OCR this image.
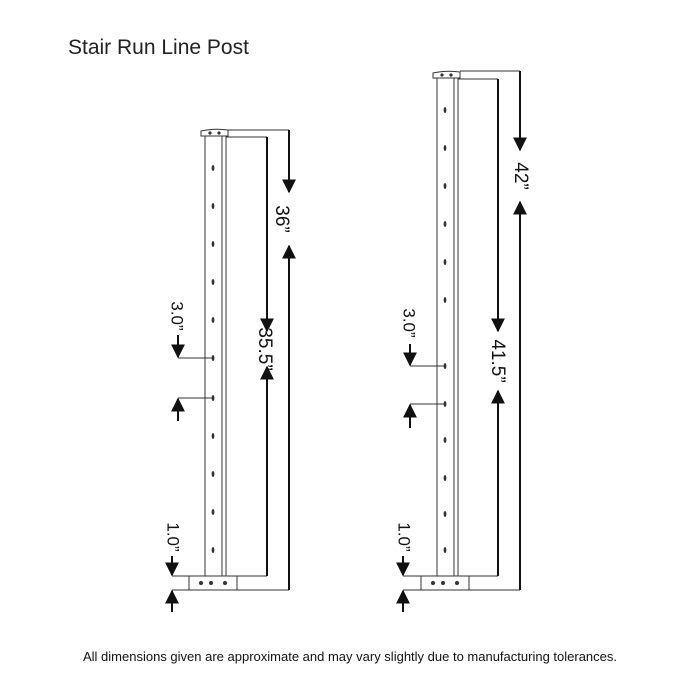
Stair Run Line Post
36”
35.5”
3.0”
1.0”
42”
41.5”
3.0”
1.0”
All dimensions given are approximate and may vary slightly due to manufacturing tolerances.
